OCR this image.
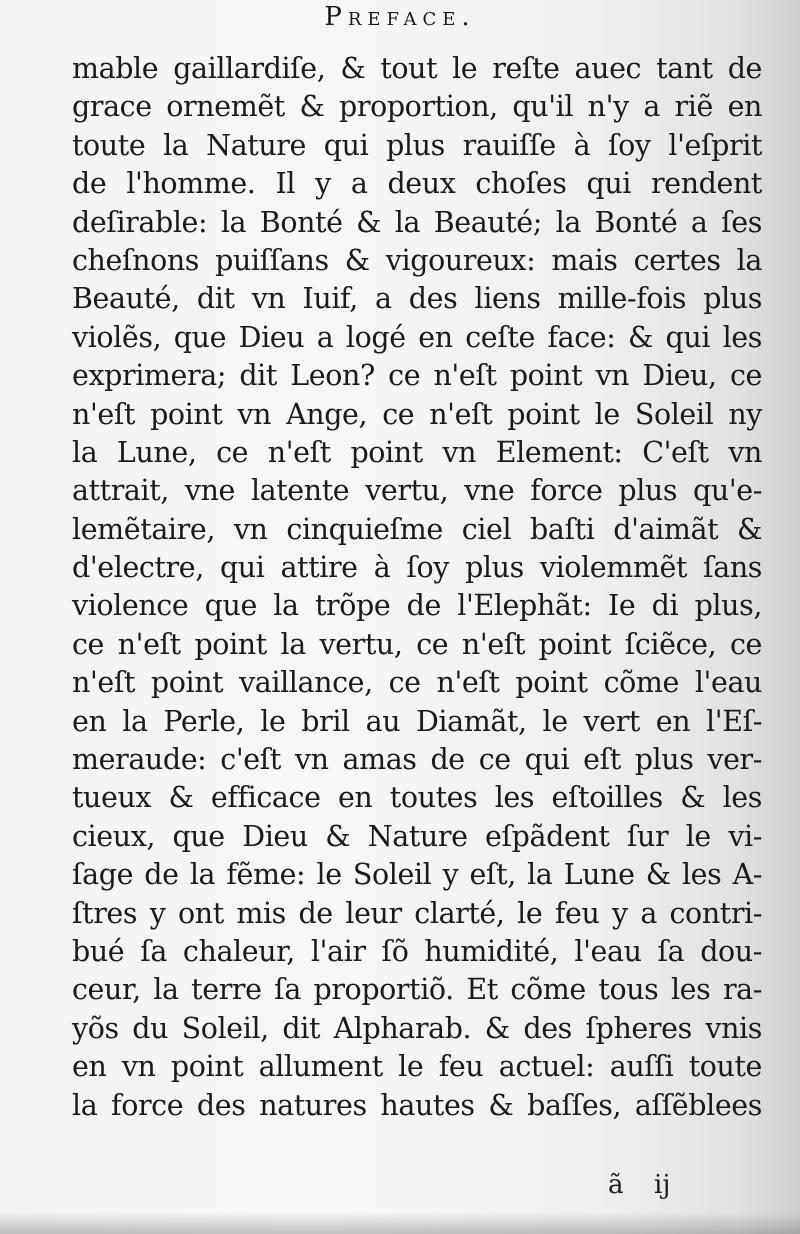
Preface.
mable gaillardiſe, & tout le reſte auec tant de
grace ornemẽt & proportion, qu'il n'y a riẽ en
toute la Nature qui plus rauiſſe à ſoy l'eſprit
de l'homme. Il y a deux choſes qui rendent
deſirable: la Bonté & la Beauté; la Bonté a ſes
cheſnons puiſſans & vigoureux: mais certes la
Beauté, dit vn Iuif, a des liens mille-fois plus
violẽs, que Dieu a logé en ceſte face: & qui les
exprimera; dit Leon? ce n'eſt point vn Dieu, ce
n'eſt point vn Ange, ce n'eſt point le Soleil ny
la Lune, ce n'eſt point vn Element: C'eſt vn
attrait, vne latente vertu, vne force plus qu'e-
lemẽtaire, vn cinquieſme ciel baſti d'aimãt &
d'electre, qui attire à ſoy plus violemmẽt ſans
violence que la trõpe de l'Elephãt: Ie di plus,
ce n'eſt point la vertu, ce n'eſt point ſciẽce, ce
n'eſt point vaillance, ce n'eſt point cõme l'eau
en la Perle, le bril au Diamãt, le vert en l'Eſ-
meraude: c'eſt vn amas de ce qui eſt plus ver-
tueux & efficace en toutes les eſtoilles & les
cieux, que Dieu & Nature eſpãdent ſur le vi-
ſage de la fẽme: le Soleil y eſt, la Lune & les A-
ſtres y ont mis de leur clarté, le feu y a contri-
bué ſa chaleur, l'air ſõ humidité, l'eau ſa dou-
ceur, la terre ſa proportiõ. Et cõme tous les ra-
yõs du Soleil, dit Alpharab. & des ſpheres vnis
en vn point allument le feu actuel: auſſi toute
la force des natures hautes & baſſes, aſſẽblees
ã ij
